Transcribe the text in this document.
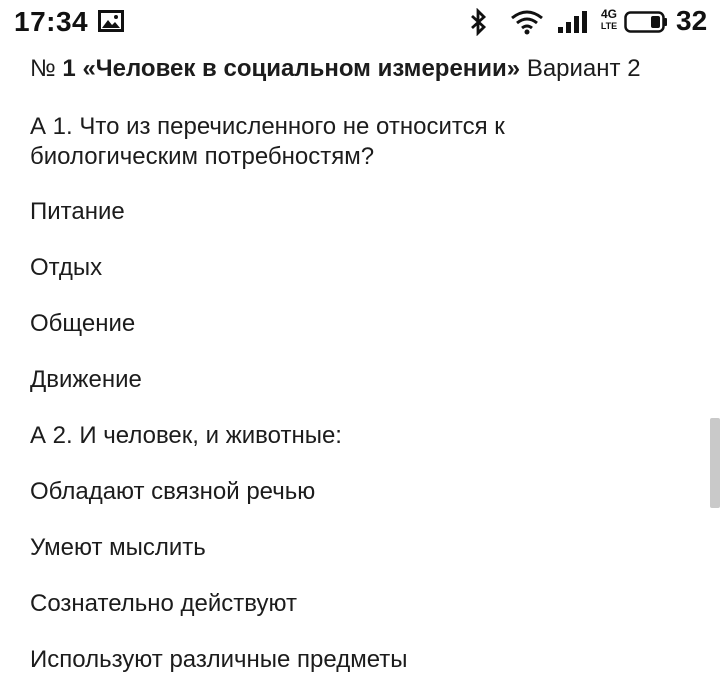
17:34	4G
LTE 32
№ 1 «Человек в социальном измерении» Вариант 2
А 1. Что из перечисленного не относится к биологическим потребностям?
Питание
Отдых
Общение
Движение
А 2. И человек, и животные:
Обладают связной речью
Умеют мыслить
Сознательно действуют
Используют различные предметы
